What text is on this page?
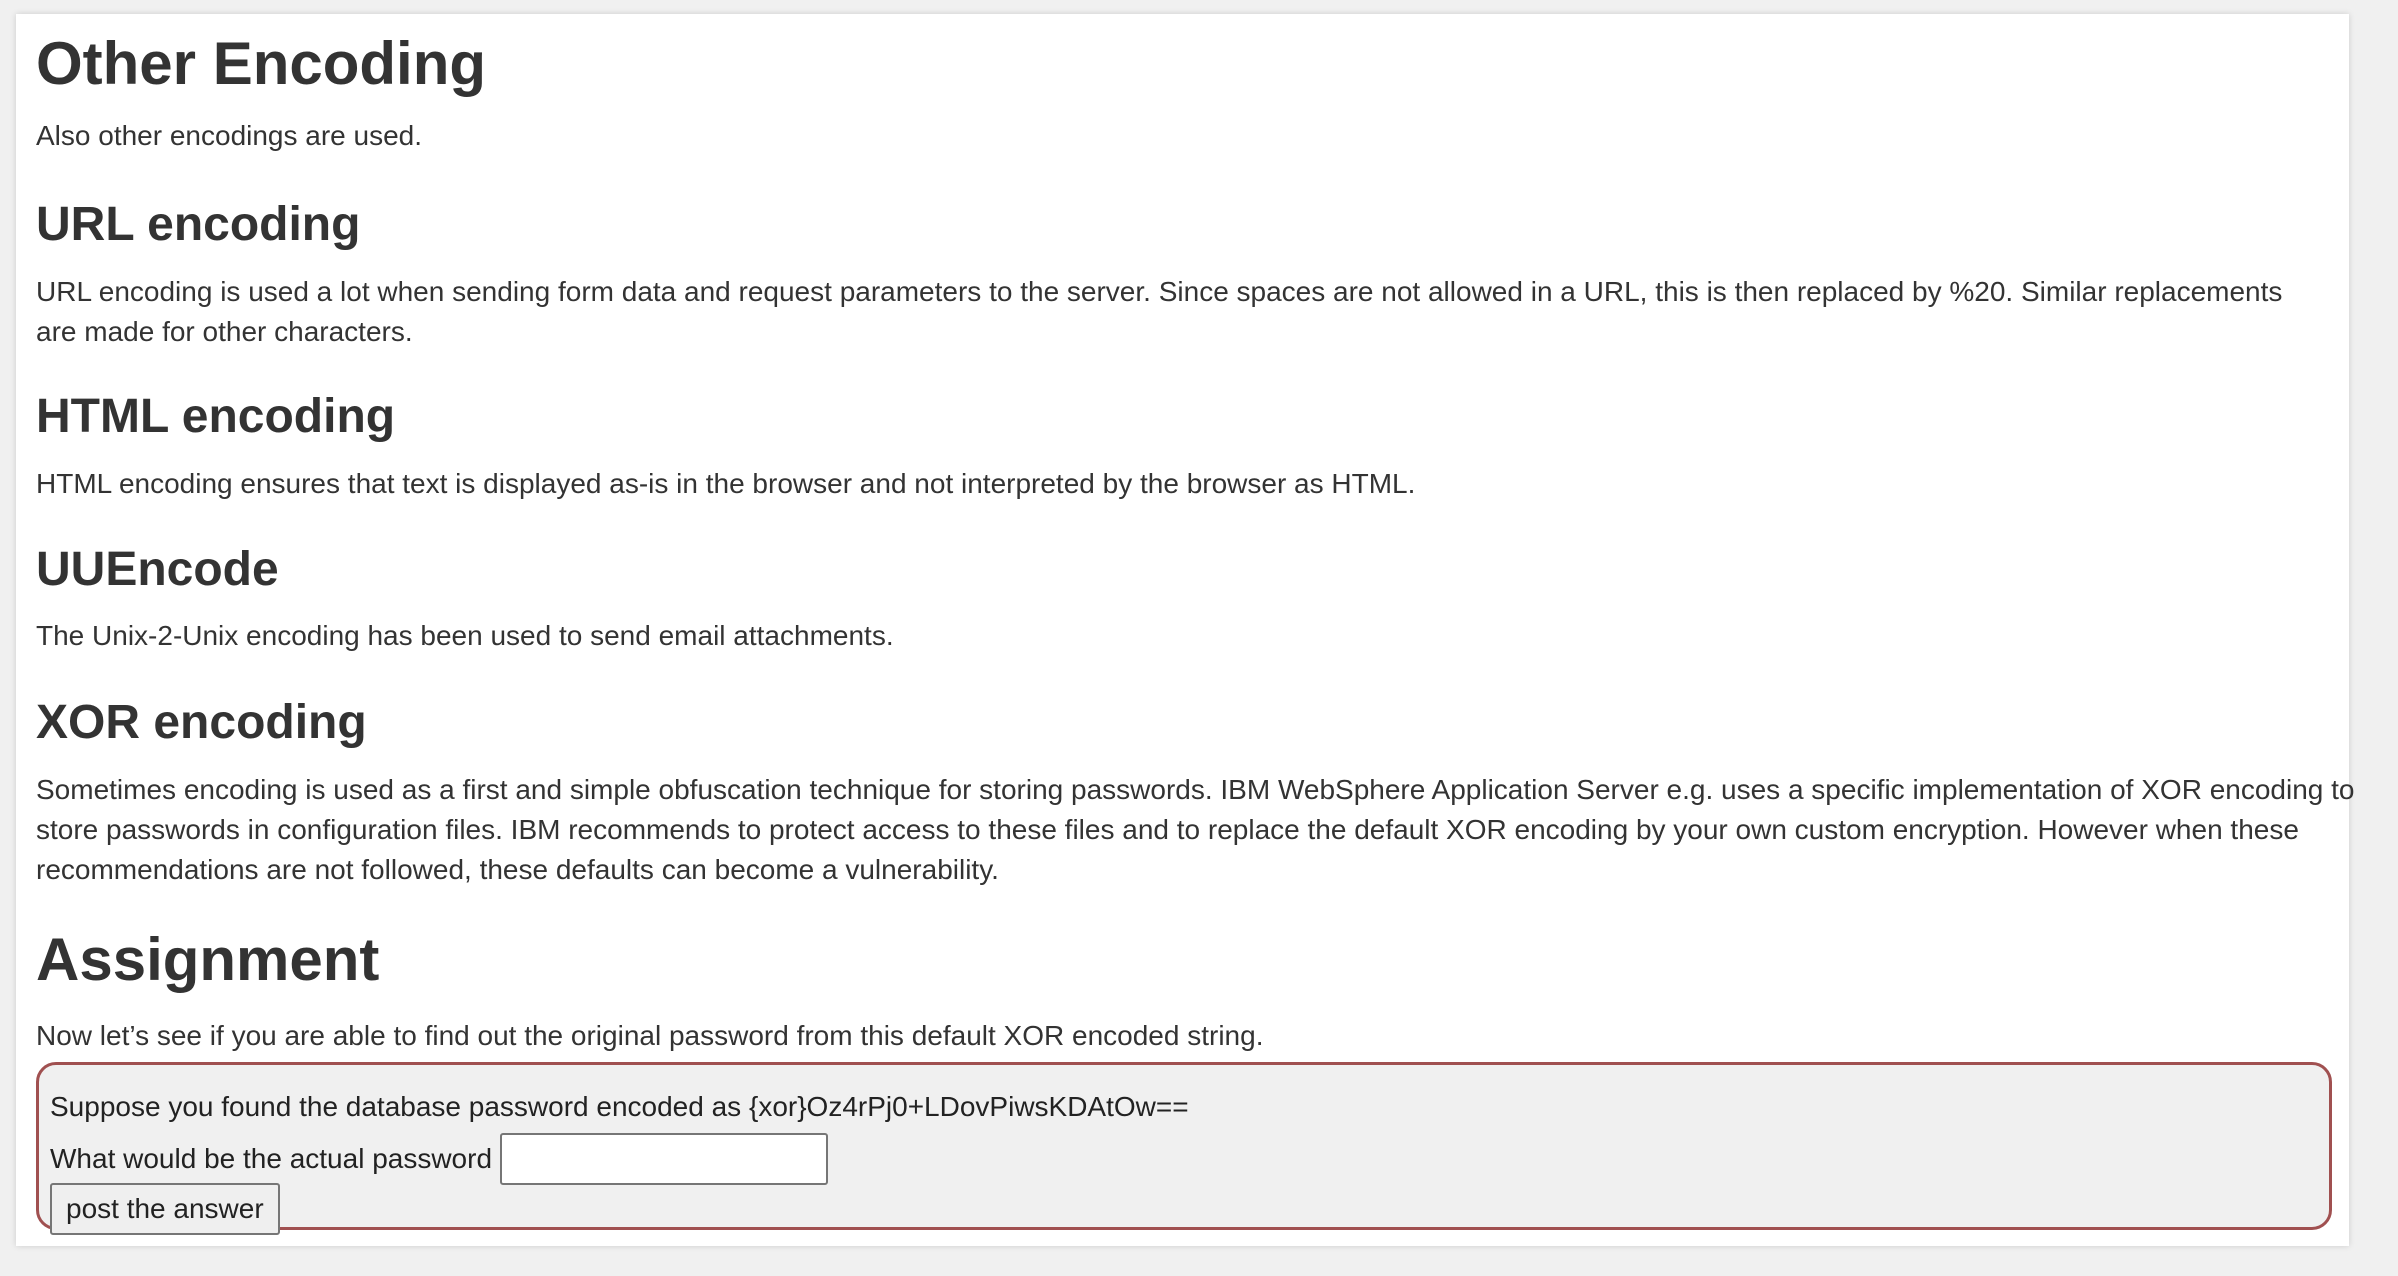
Other Encoding

Also other encodings are used.

URL encoding

URL encoding is used a lot when sending form data and request parameters to the server. Since spaces are not allowed in a URL, this is then replaced by %20. Similar replacements are made for other characters.

HTML encoding

HTML encoding ensures that text is displayed as-is in the browser and not interpreted by the browser as HTML.

UUEncode

The Unix-2-Unix encoding has been used to send email attachments.

XOR encoding

Sometimes encoding is used as a first and simple obfuscation technique for storing passwords. IBM WebSphere Application Server e.g. uses a specific implementation of XOR encoding to store passwords in configuration files. IBM recommends to protect access to these files and to replace the default XOR encoding by your own custom encryption. However when these recommendations are not followed, these defaults can become a vulnerability.

Assignment

Now let’s see if you are able to find out the original password from this default XOR encoded string.

Suppose you found the database password encoded as {xor}Oz4rPj0+LDovPiwsKDAtOw==
What would be the actual password
post the answer
